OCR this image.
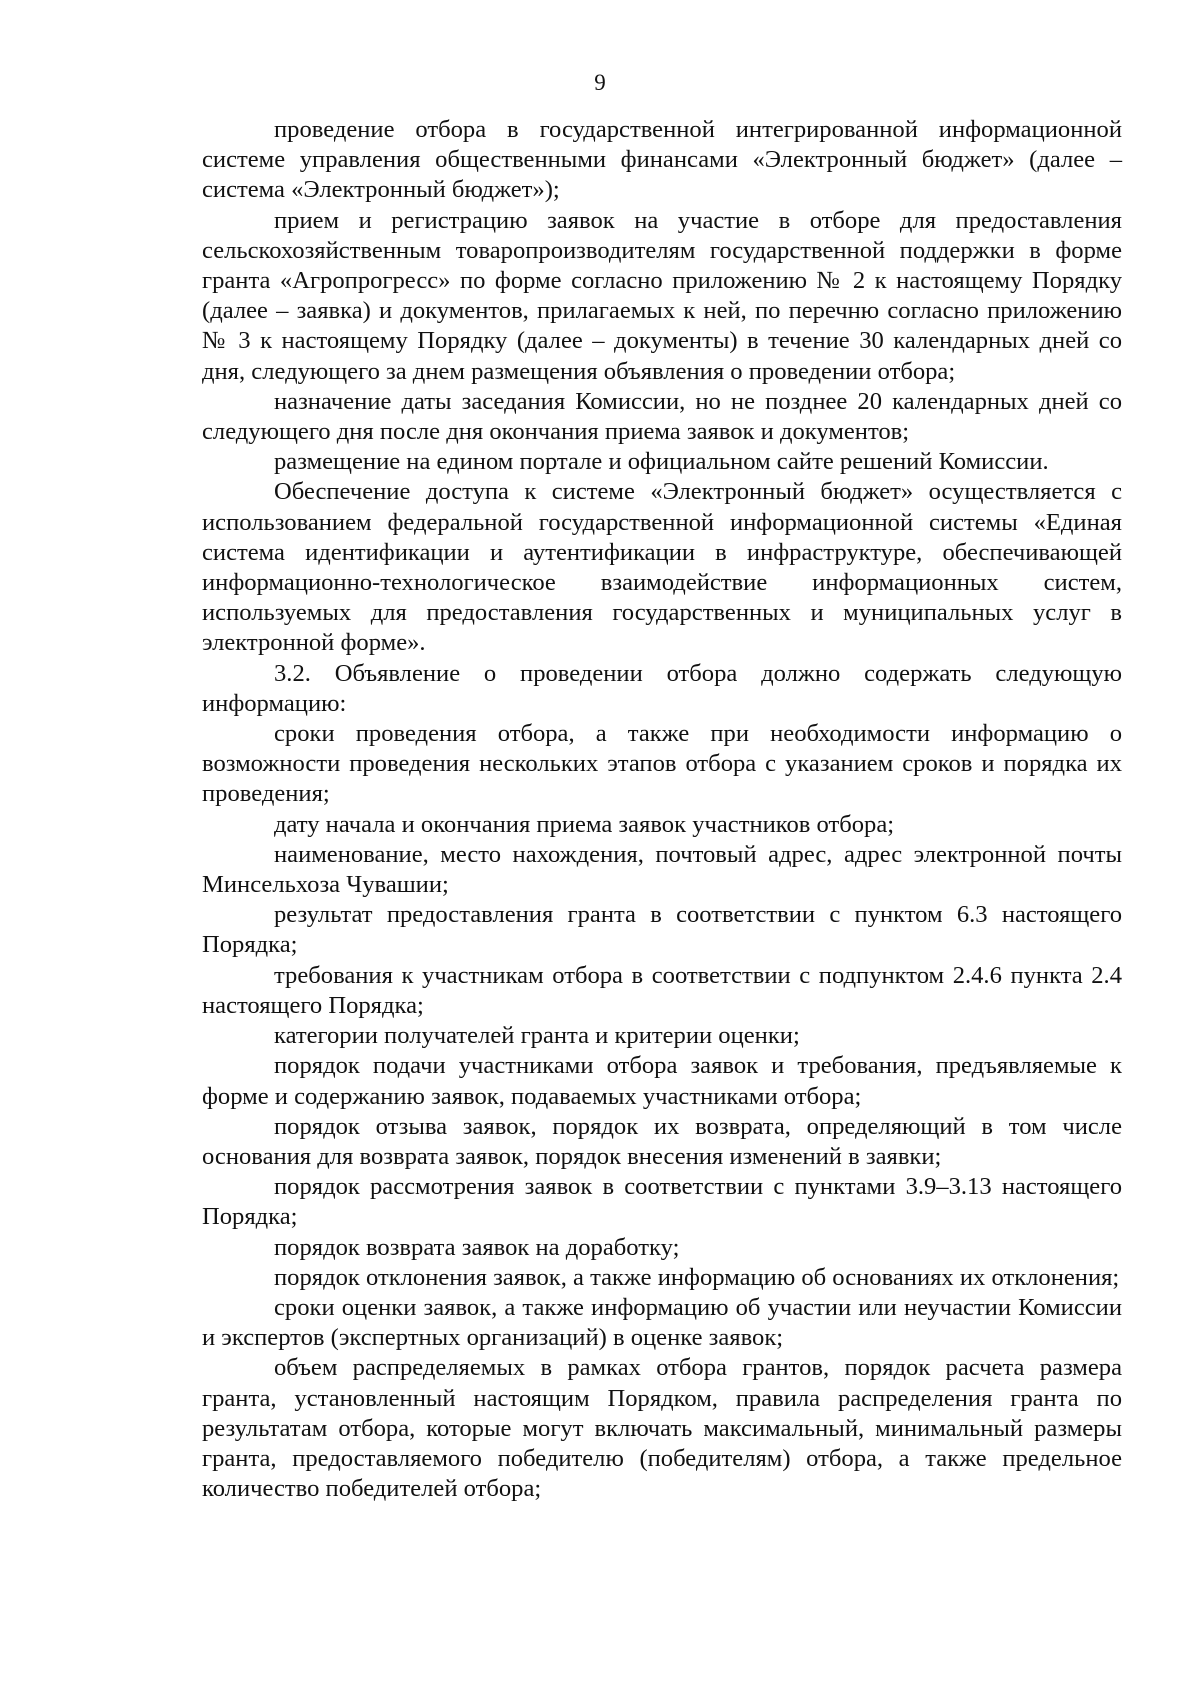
9

проведение отбора в государственной интегрированной информационной системе управления общественными финансами «Электронный бюджет» (далее – система «Электронный бюджет»);

прием и регистрацию заявок на участие в отборе для предоставления сельскохозяйственным товаропроизводителям государственной поддержки в форме гранта «Агропрогресс» по форме согласно приложению № 2 к настоящему Порядку (далее – заявка) и документов, прилагаемых к ней, по перечню согласно приложению № 3 к настоящему Порядку (далее – документы) в течение 30 календарных дней со дня, следующего за днем размещения объявления о проведении отбора;

назначение даты заседания Комиссии, но не позднее 20 календарных дней со следующего дня после дня окончания приема заявок и документов;

размещение на едином портале и официальном сайте решений Комиссии.

Обеспечение доступа к системе «Электронный бюджет» осуществляется с использованием федеральной государственной информационной системы «Единая система идентификации и аутентификации в инфраструктуре, обеспечивающей информационно-технологическое взаимодействие информационных систем, используемых для предоставления государственных и муниципальных услуг в электронной форме».

3.2. Объявление о проведении отбора должно содержать следующую информацию:

сроки проведения отбора, а также при необходимости информацию о возможности проведения нескольких этапов отбора с указанием сроков и порядка их проведения;

дату начала и окончания приема заявок участников отбора;

наименование, место нахождения, почтовый адрес, адрес электронной почты Минсельхоза Чувашии;

результат предоставления гранта в соответствии с пунктом 6.3 настоящего Порядка;

требования к участникам отбора в соответствии с подпунктом 2.4.6 пункта 2.4 настоящего Порядка;

категории получателей гранта и критерии оценки;

порядок подачи участниками отбора заявок и требования, предъявляемые к форме и содержанию заявок, подаваемых участниками отбора;

порядок отзыва заявок, порядок их возврата, определяющий в том числе основания для возврата заявок, порядок внесения изменений в заявки;

порядок рассмотрения заявок в соответствии с пунктами 3.9–3.13 настоящего Порядка;

порядок возврата заявок на доработку;

порядок отклонения заявок, а также информацию об основаниях их отклонения;

сроки оценки заявок, а также информацию об участии или неучастии Комиссии и экспертов (экспертных организаций) в оценке заявок;

объем распределяемых в рамках отбора грантов, порядок расчета размера гранта, установленный настоящим Порядком, правила распределения гранта по результатам отбора, которые могут включать максимальный, минимальный размеры гранта, предоставляемого победителю (победителям) отбора, а также предельное количество победителей отбора;
